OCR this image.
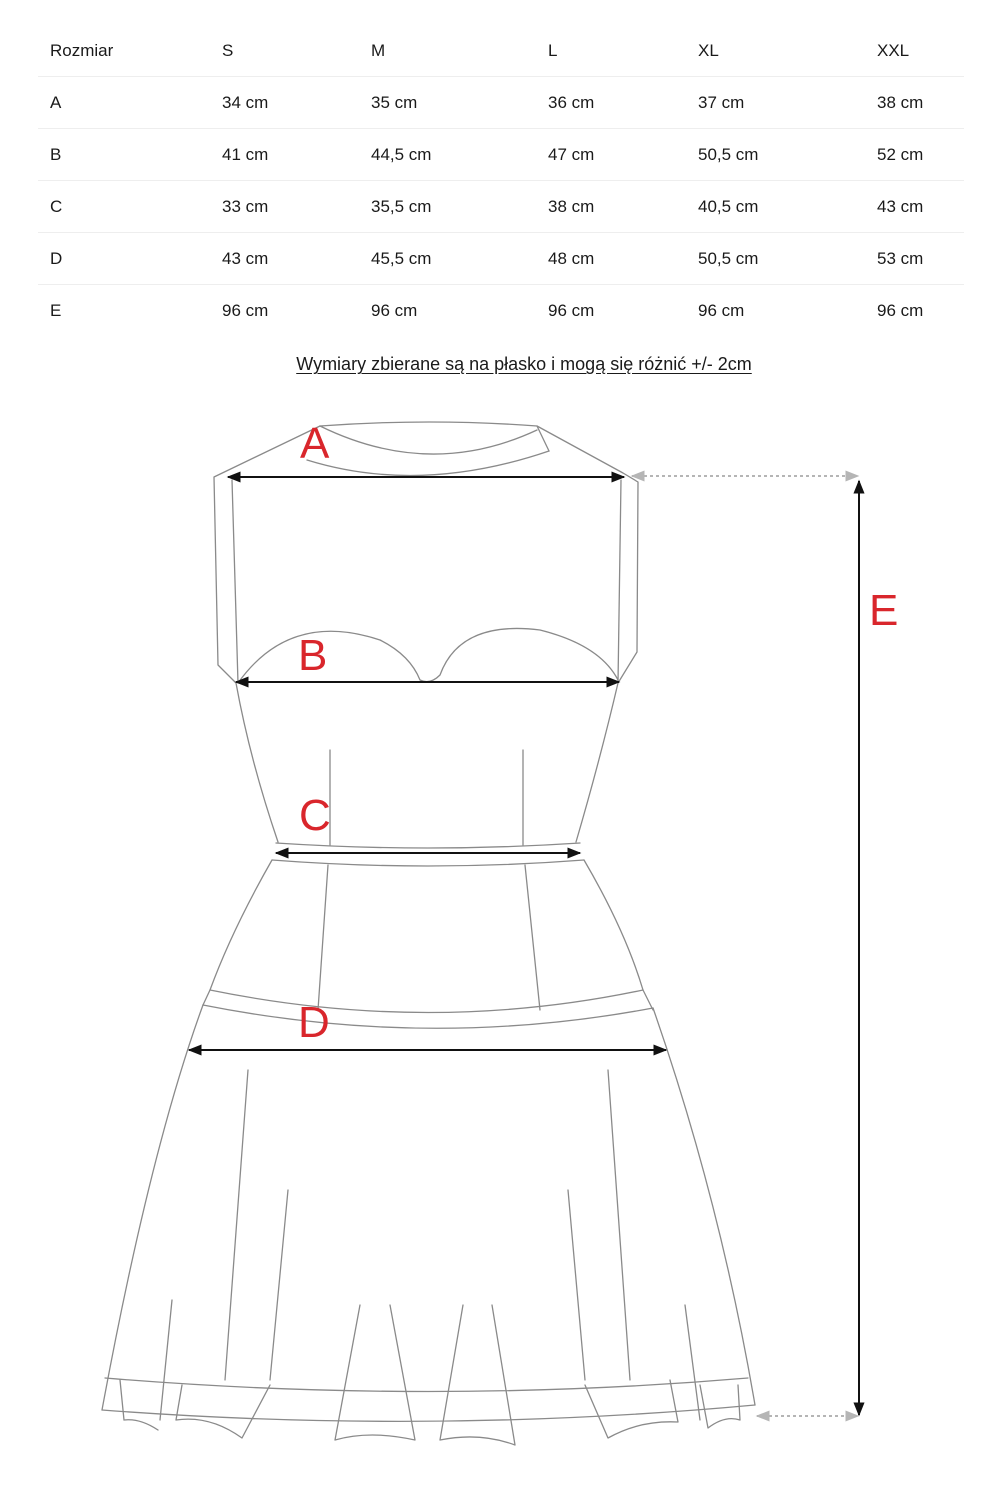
Rozmiar	S	M	L	XL	XXL
A	34 cm	35 cm	36 cm	37 cm	38 cm
B	41 cm	44,5 cm	47 cm	50,5 cm	52 cm
C	33 cm	35,5 cm	38 cm	40,5 cm	43 cm
D	43 cm	45,5 cm	48 cm	50,5 cm	53 cm
E	96 cm	96 cm	96 cm	96 cm	96 cm
Wymiary zbierane są na płasko i mogą się różnić +/- 2cm
A
B
C
D
E
